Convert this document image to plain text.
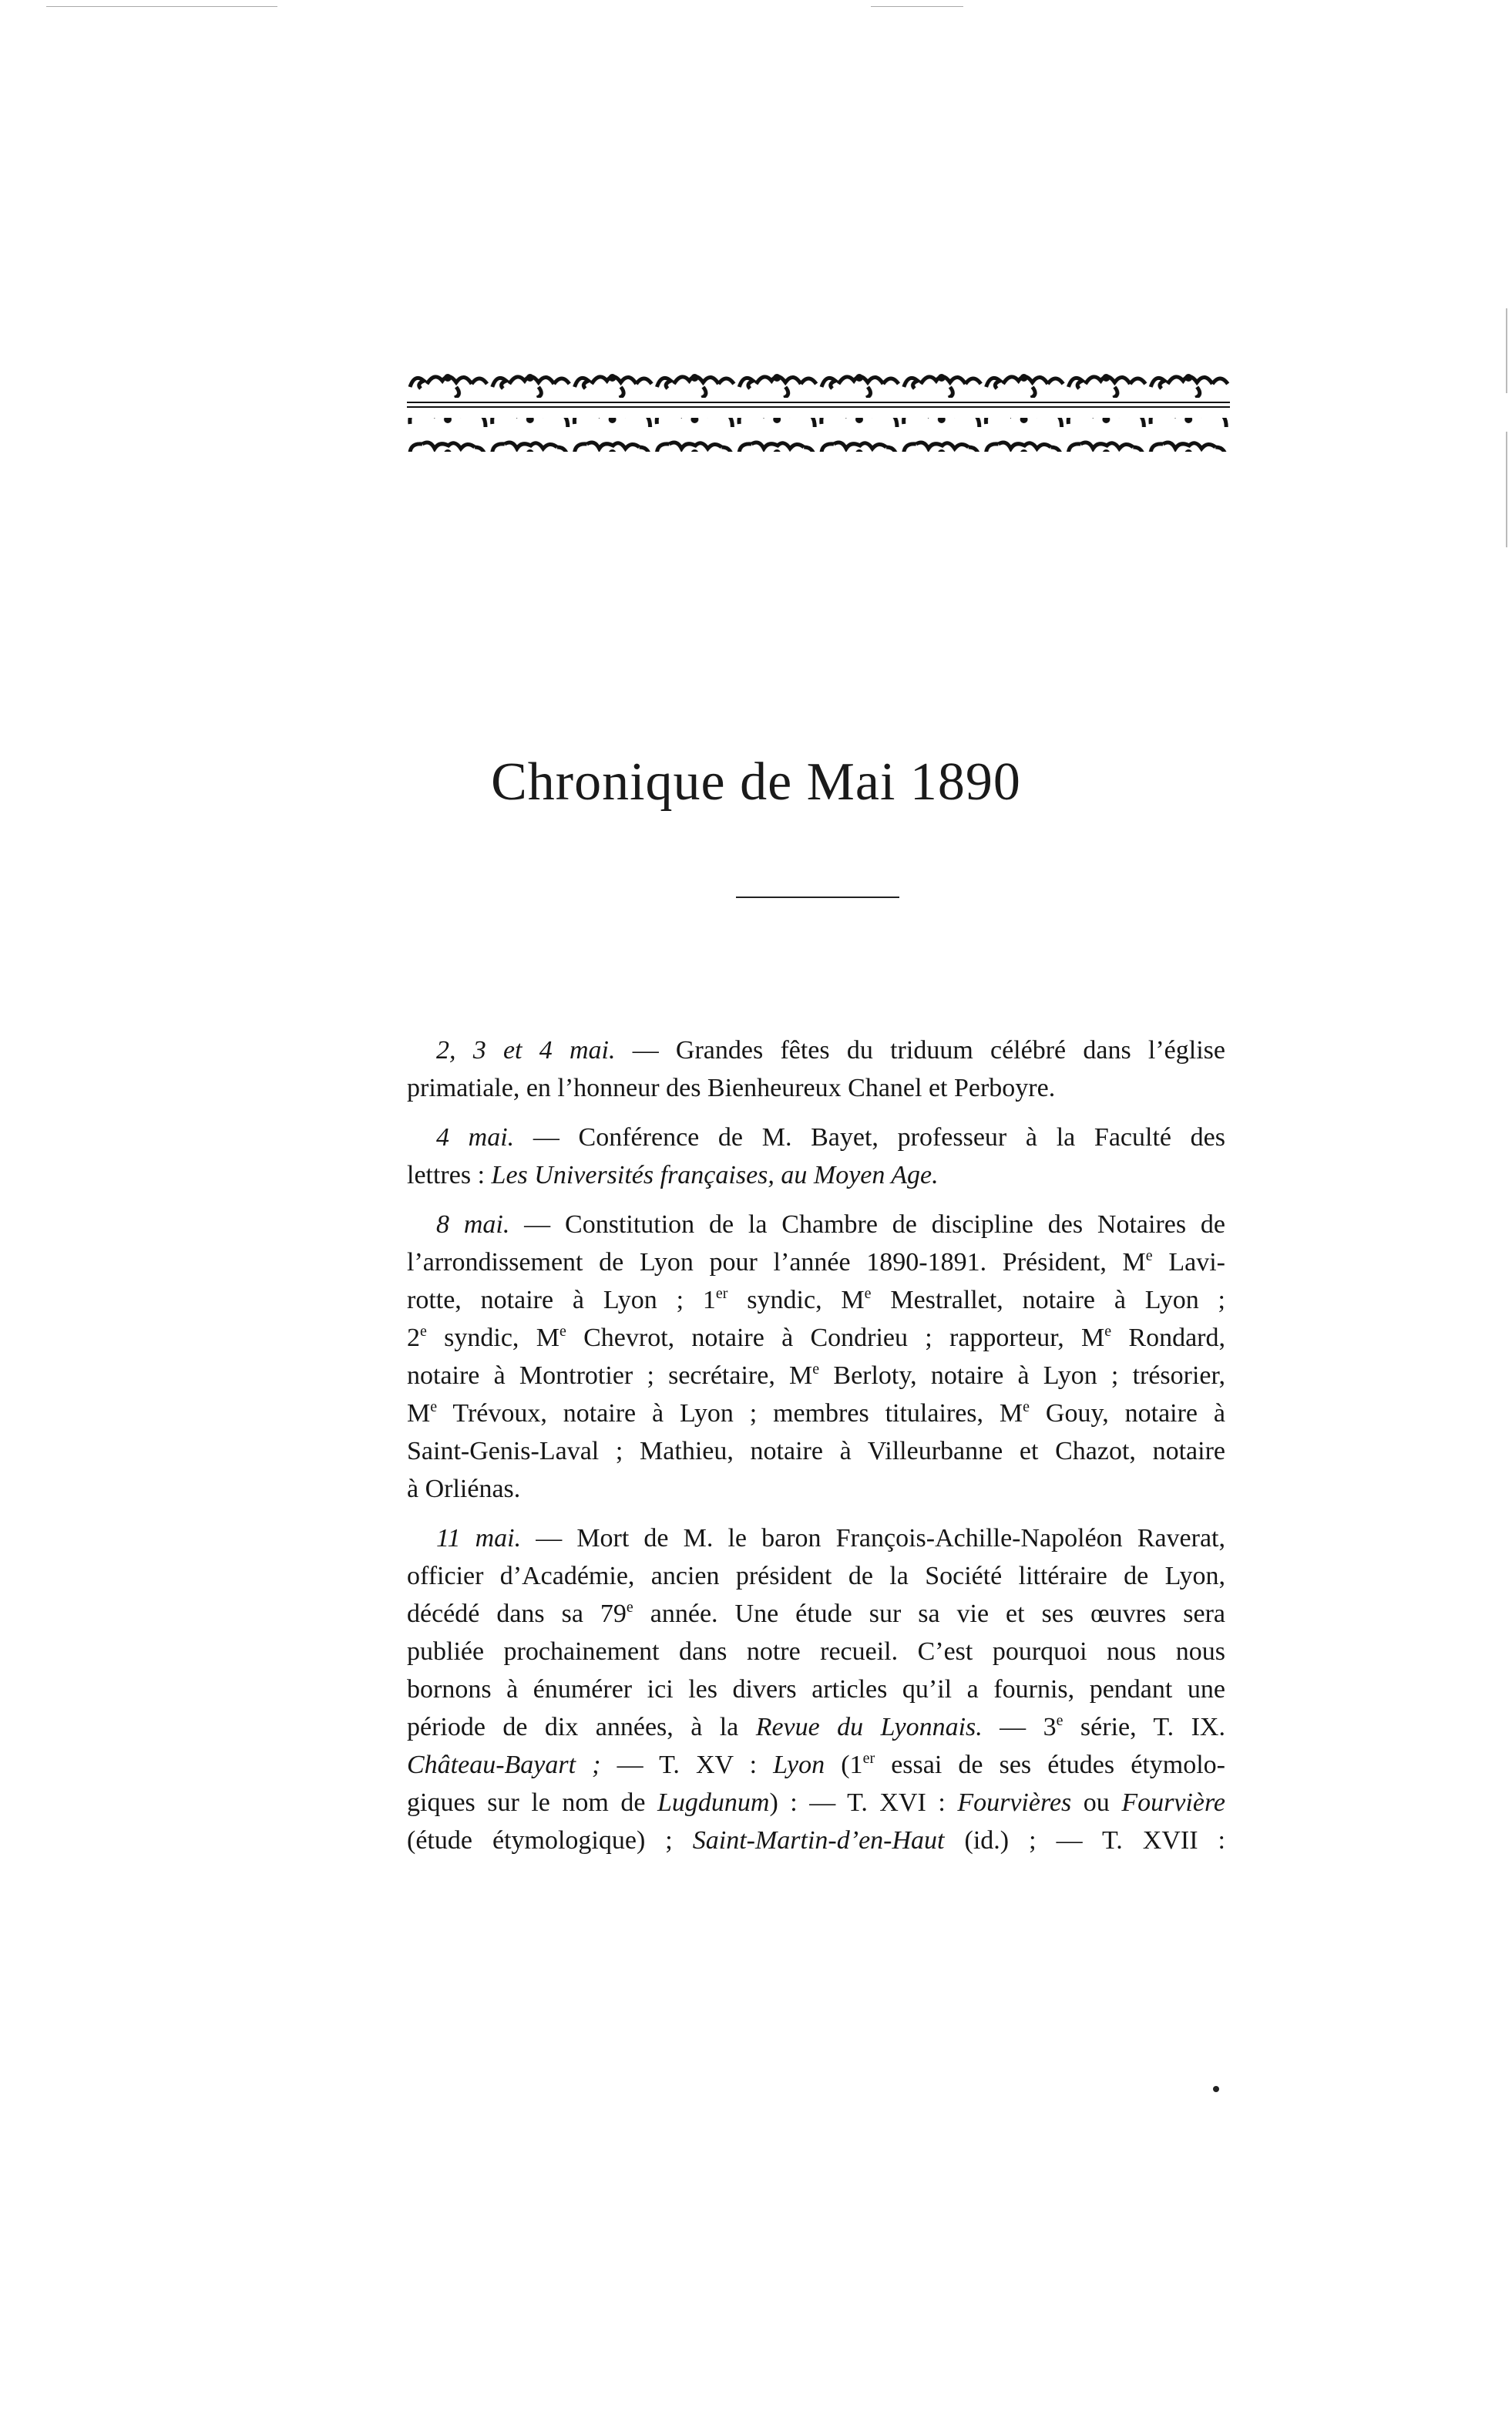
Chronique de Mai 1890
2, 3 et 4 mai. — Grandes fêtes du triduum célébré dans l’église
primatiale, en l’honneur des Bienheureux Chanel et Perboyre.
4 mai. — Conférence de M. Bayet, professeur à la Faculté des
lettres : Les Universités françaises, au Moyen Age.
8 mai. — Constitution de la Chambre de discipline des Notaires de
l’arrondissement de Lyon pour l’année 1890-1891. Président, Me Lavi-
rotte, notaire à Lyon ; 1er syndic, Me Mestrallet, notaire à Lyon ;
2e syndic, Me Chevrot, notaire à Condrieu ; rapporteur, Me Rondard,
notaire à Montrotier ; secrétaire, Me Berloty, notaire à Lyon ; trésorier,
Me Trévoux, notaire à Lyon ; membres titulaires, Me Gouy, notaire à
Saint-Genis-Laval ; Mathieu, notaire à Villeurbanne et Chazot, notaire
à Orliénas.
11 mai. — Mort de M. le baron François-Achille-Napoléon Raverat,
officier d’Académie, ancien président de la Société littéraire de Lyon,
décédé dans sa 79e année. Une étude sur sa vie et ses œuvres sera
publiée prochainement dans notre recueil. C’est pourquoi nous nous
bornons à énumérer ici les divers articles qu’il a fournis, pendant une
période de dix années, à la Revue du Lyonnais. — 3e série, T. IX.
Château-Bayart ; — T. XV : Lyon (1er essai de ses études étymolo-
giques sur le nom de Lugdunum) : — T. XVI : Fourvières ou Fourvière
(étude étymologique) ; Saint-Martin-d’en-Haut (id.) ; — T. XVII :
